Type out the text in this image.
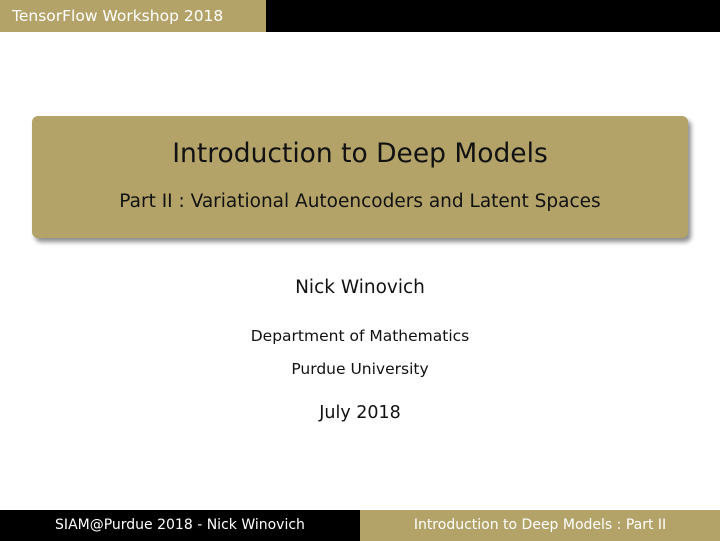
TensorFlow Workshop 2018
Introduction to Deep Models
Part II : Variational Autoencoders and Latent Spaces
Nick Winovich
Department of Mathematics
Purdue University
July 2018
SIAM@Purdue 2018 - Nick Winovich	Introduction to Deep Models : Part II
